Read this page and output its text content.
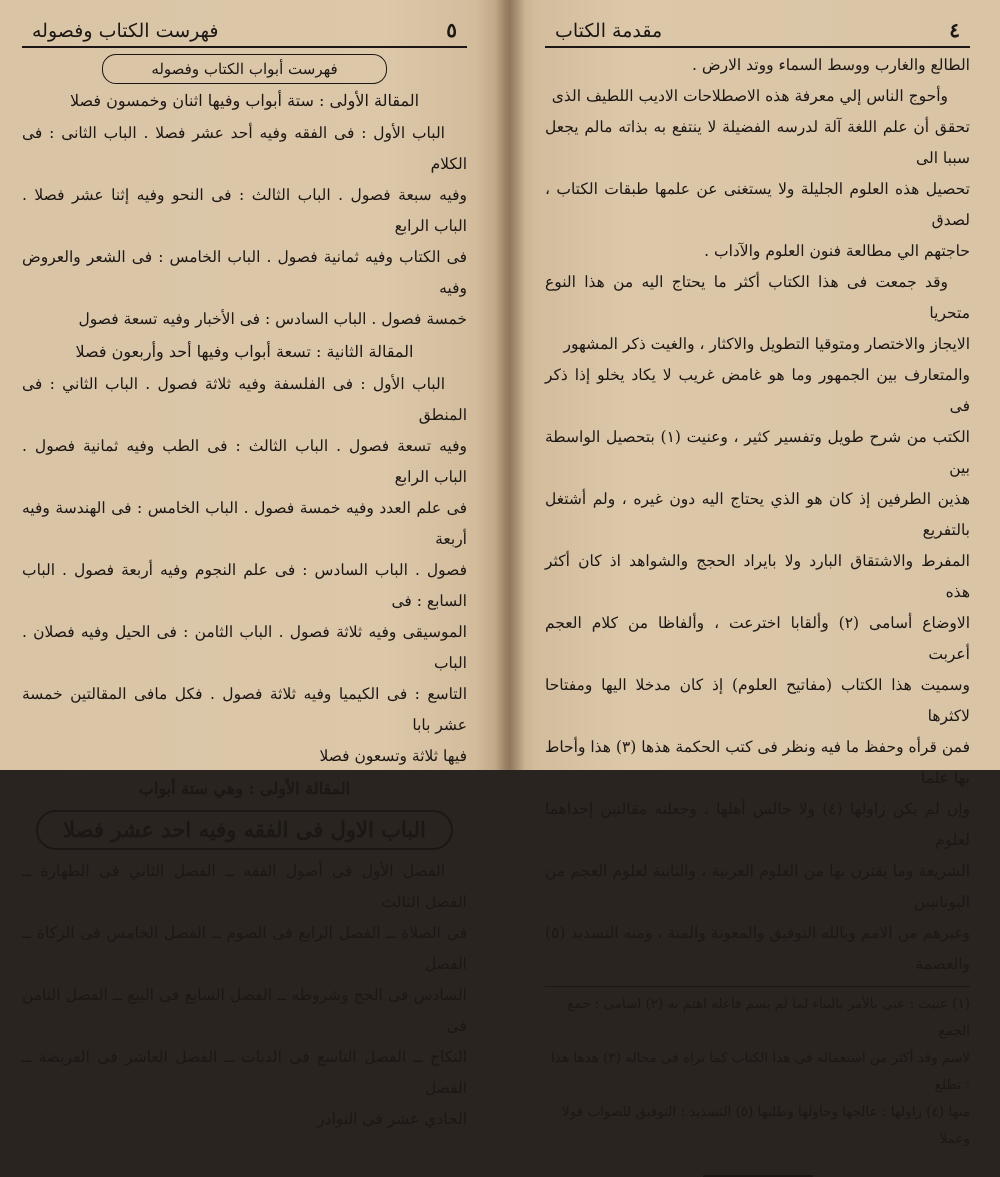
٥
فهرست الكتاب وفصوله
فهرست أبواب الكتاب وفصوله
المقالة الأولى : ستة أبواب وفيها اثنان وخمسون فصلا

الباب الأول : فى الفقه وفيه أحد عشر فصلا . الباب الثانى : فى الكلام

وفيه سبعة فصول . الباب الثالث : فى النحو وفيه إثنا عشر فصلا . الباب الرابع

فى الكتاب وفيه ثمانية فصول . الباب الخامس : فى الشعر والعروض وفيه

خمسة فصول . الباب السادس : فى الأخبار وفيه تسعة فصول

المقالة الثانية : تسعة أبواب وفيها أحد وأربعون فصلا

الباب الأول : فى الفلسفة وفيه ثلاثة فصول . الباب الثاني : فى المنطق

وفيه تسعة فصول . الباب الثالث : فى الطب وفيه ثمانية فصول . الباب الرابع

فى علم العدد وفيه خمسة فصول . الباب الخامس : فى الهندسة وفيه أربعة

فصول . الباب السادس : فى علم النجوم وفيه أربعة فصول . الباب السابع : فى

الموسيقى وفيه ثلاثة فصول . الباب الثامن : فى الحيل وفيه فصلان . الباب

التاسع : فى الكيميا وفيه ثلاثة فصول . فكل مافى المقالتين خمسة عشر بابا

فيها ثلاثة وتسعون فصلا

المقالة الأولى : وهي ستة أبواب
الباب الاول فى الفقه وفيه احد عشر فصلا

الفصل الأول فى أصول الفقه ــ الفصل الثاني فى الطهارة ــ الفصل الثالث

فى الصلاة ــ الفصل الرابع فى الصوم ــ الفصل الخامس فى الزكاة ــ الفصل

السادس فى الحج وشروطه ــ الفصل السابع فى البيع ــ الفصل الثامن فى

النكاح ــ الفصل التاسع فى الديات ــ الفصل العاشر فى الفريضة ــ الفصل

الحادي عشر فى النوادر

٤
مقدمة الكتاب

الطالع والغارب ووسط السماء ووتد الارض .

وأحوج الناس إلي معرفة هذه الاصطلاحات الاديب اللطيف الذى

تحقق أن علم اللغة آلة لدرسه الفضيلة لا ينتفع به بذاته مالم يجعل سببا الى

تحصيل هذه العلوم الجليلة ولا يستغنى عن علمها طبقات الكتاب ، لصدق

حاجتهم الي مطالعة فنون العلوم والآداب .

وقد جمعت فى هذا الكتاب أكثر ما يحتاج اليه من هذا النوع متحريا

الايجاز والاختصار ومتوقيا التطويل والاكثار ، والغيت ذكر المشهور

والمتعارف بين الجمهور وما هو غامض غريب لا يكاد يخلو إذا ذكر فى

الكتب من شرح طويل وتفسير كثير ، وعنيت (١) بتحصيل الواسطة بين

هذين الطرفين إذ كان هو الذي يحتاج اليه دون غيره ، ولم أشتغل بالتفريع

المفرط والاشتقاق البارد ولا بايراد الحجج والشواهد اذ كان أكثر هذه

الاوضاع أسامى (٢) وألقابا اخترعت ، وألفاظا من كلام العجم أعربت

وسميت هذا الكتاب (مفاتيح العلوم) إذ كان مدخلا اليها ومفتاحا لاكثرها

فمن قرأه وحفظ ما فيه ونظر فى كتب الحكمة هذها (٣) هذا وأحاط بها علما

وإن لم يكن زاولها (٤) ولا جالس أهلها . وجعلته مقالتين إحداهما لعلوم

الشريعة وما يقترن بها من العلوم العربية ، والثانية لعلوم العجم من اليونانيين

وغيرهم من الامم وبالله التوفيق والمعونة والمنة ، ومنه التسديد (٥) والعصمة

(١) عنيت : عنى بالأمر بالبناء لما لم يسم فاعله اهتم به (٢) اسامى : جمع الجمع

لاسم وقد أكثر من استعماله فى هذا الكتاب كما تراه فى محاله (٣) هذها هذا : تطلع

منها (٤) زاولها : عالجها وحاولها وطلبها (٥) التسديد : التوفيق للصواب قولا وعملا
